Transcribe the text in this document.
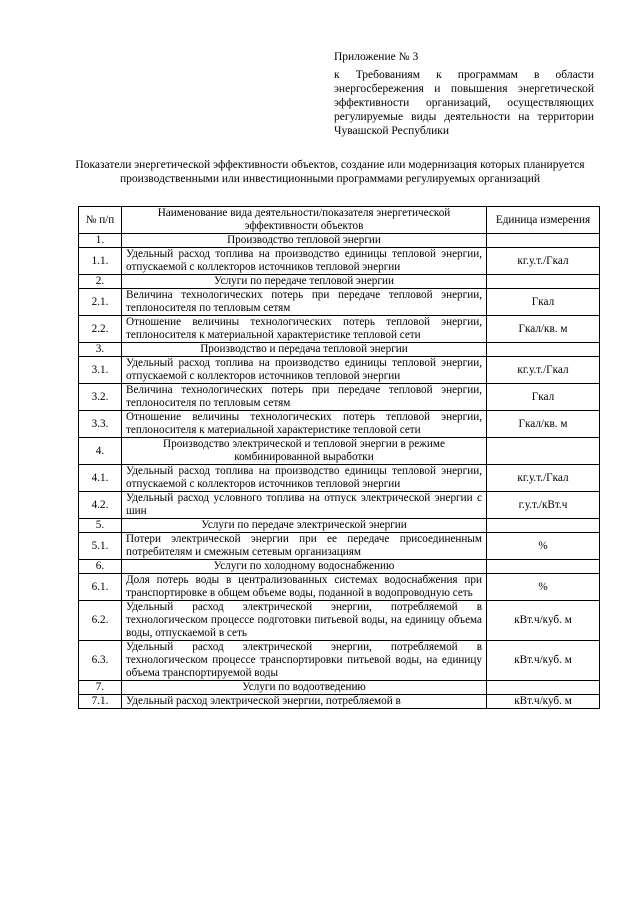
Приложение № 3
к Требованиям к программам в области энергосбережения и повышения энергетической эффективности организаций, осуществляющих регулируемые виды деятельности на территории Чувашской Республики
Показатели энергетической эффективности объектов, создание или модернизация которых планируется производственными или инвестиционными программами регулируемых организаций
№ п/п	Наименование вида деятельности/показателя энергетической эффективности объектов	Единица измерения
1.	Производство тепловой энергии	
1.1.	Удельный расход топлива на производство единицы тепловой энергии, отпускаемой с коллекторов источников тепловой энергии	кг.у.т./Гкал
2.	Услуги по передаче тепловой энергии	
2.1.	Величина технологических потерь при передаче тепловой энергии, теплоносителя по тепловым сетям	Гкал
2.2.	Отношение величины технологических потерь тепловой энергии, теплоносителя к материальной характеристике тепловой сети	Гкал/кв. м
3.	Производство и передача тепловой энергии	
3.1.	Удельный расход топлива на производство единицы тепловой энергии, отпускаемой с коллекторов источников тепловой энергии	кг.у.т./Гкал
3.2.	Величина технологических потерь при передаче тепловой энергии, теплоносителя по тепловым сетям	Гкал
3.3.	Отношение величины технологических потерь тепловой энергии, теплоносителя к материальной характеристике тепловой сети	Гкал/кв. м
4.	Производство электрической и тепловой энергии в режиме комбинированной выработки	
4.1.	Удельный расход топлива на производство единицы тепловой энергии, отпускаемой с коллекторов источников тепловой энергии	кг.у.т./Гкал
4.2.	Удельный расход условного топлива на отпуск электрической энергии с шин	г.у.т./кВт.ч
5.	Услуги по передаче электрической энергии	
5.1.	Потери электрической энергии при ее передаче присоединенным потребителям и смежным сетевым организациям	%
6.	Услуги по холодному водоснабжению	
6.1.	Доля потерь воды в централизованных системах водоснабжения при транспортировке в общем объеме воды, поданной в водопроводную сеть	%
6.2.	Удельный расход электрической энергии, потребляемой в технологическом процессе подготовки питьевой воды, на единицу объема воды, отпускаемой в сеть	кВт.ч/куб. м
6.3.	Удельный расход электрической энергии, потребляемой в технологическом процессе транспортировки питьевой воды, на единицу объема транспортируемой воды	кВт.ч/куб. м
7.	Услуги по водоотведению	
7.1.	Удельный расход электрической энергии, потребляемой в	кВт.ч/куб. м
